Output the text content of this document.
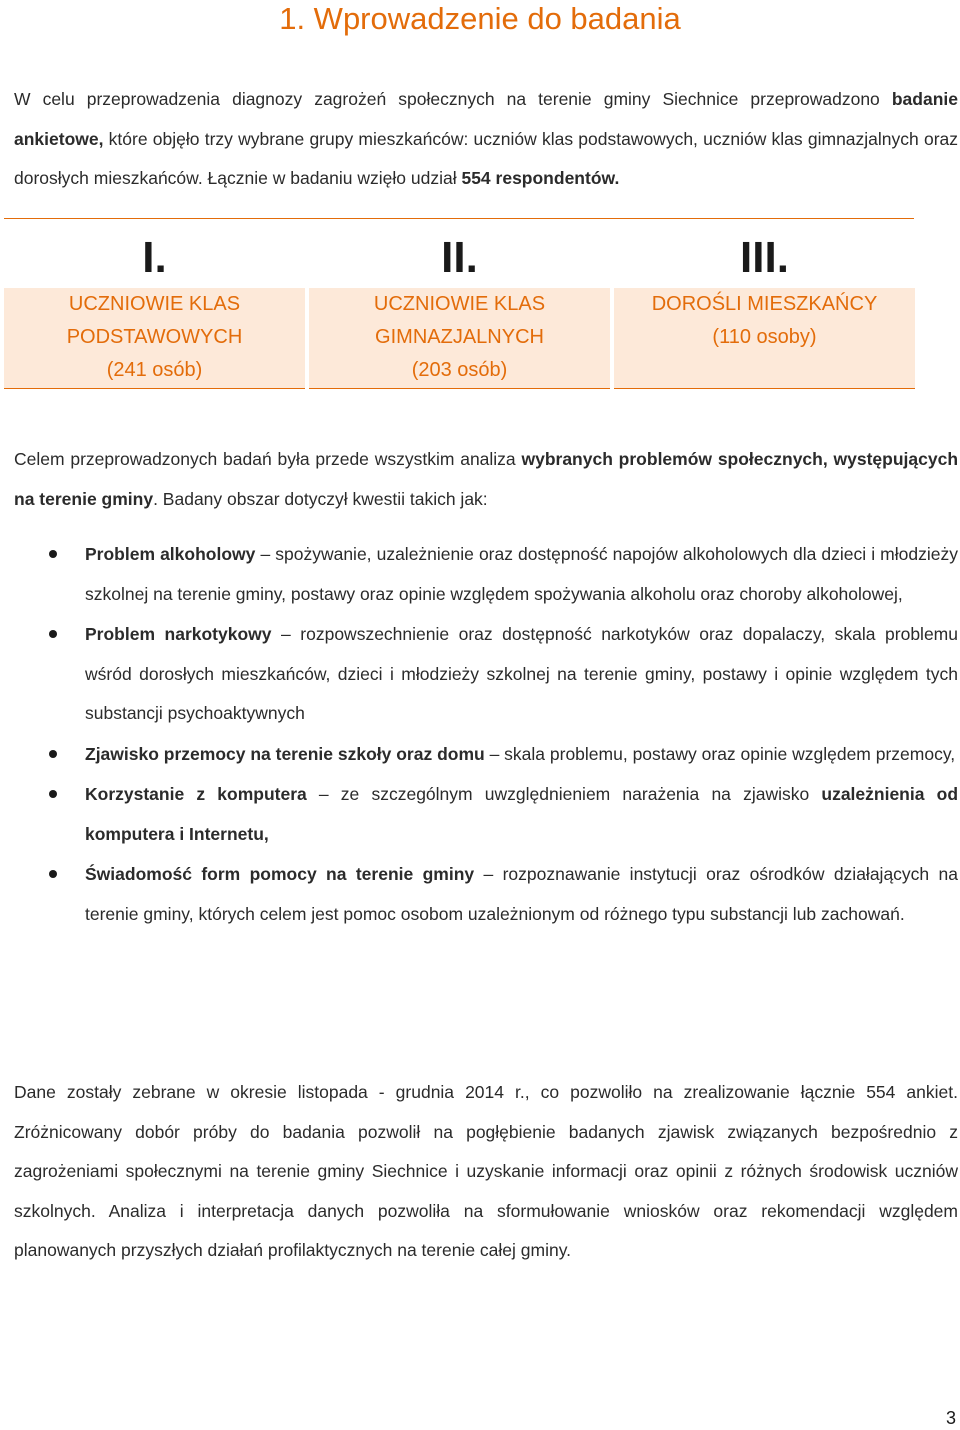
1. Wprowadzenie do badania
W celu przeprowadzenia diagnozy zagrożeń społecznych na terenie gminy Siechnice przeprowadzono badanie ankietowe, które objęło trzy wybrane grupy mieszkańców: uczniów klas podstawowych, uczniów klas gimnazjalnych oraz dorosłych mieszkańców. Łącznie w badaniu wzięło udział 554 respondentów.
I.
UCZNIOWIE KLAS
PODSTAWOWYCH
(241 osób)
II.
UCZNIOWIE KLAS
GIMNAZJALNYCH
(203 osób)
III.
DOROŚLI MIESZKAŃCY
(110 osoby)
Celem przeprowadzonych badań była przede wszystkim analiza wybranych problemów społecznych, występujących na terenie gminy. Badany obszar dotyczył kwestii takich jak:
Problem alkoholowy – spożywanie, uzależnienie oraz dostępność napojów alkoholowych dla dzieci i młodzieży szkolnej na terenie gminy, postawy oraz opinie względem spożywania alkoholu oraz choroby alkoholowej,
Problem narkotykowy – rozpowszechnienie oraz dostępność narkotyków oraz dopalaczy, skala problemu wśród dorosłych mieszkańców, dzieci i młodzieży szkolnej na terenie gminy, postawy i opinie względem tych substancji psychoaktywnych
Zjawisko przemocy na terenie szkoły oraz domu – skala problemu, postawy oraz opinie względem przemocy,
Korzystanie z komputera – ze szczególnym uwzględnieniem narażenia na zjawisko uzależnienia od komputera i Internetu,
Świadomość form pomocy na terenie gminy – rozpoznawanie instytucji oraz ośrodków działających na terenie gminy, których celem jest pomoc osobom uzależnionym od różnego typu substancji lub zachowań.
Dane zostały zebrane w okresie listopada - grudnia 2014 r., co pozwoliło na zrealizowanie łącznie 554 ankiet. Zróżnicowany dobór próby do badania pozwolił na pogłębienie badanych zjawisk związanych bezpośrednio z zagrożeniami społecznymi na terenie gminy Siechnice i uzyskanie informacji oraz opinii z różnych środowisk uczniów szkolnych. Analiza i interpretacja danych pozwoliła na sformułowanie wniosków oraz rekomendacji względem planowanych przyszłych działań profilaktycznych na terenie całej gminy.
3
